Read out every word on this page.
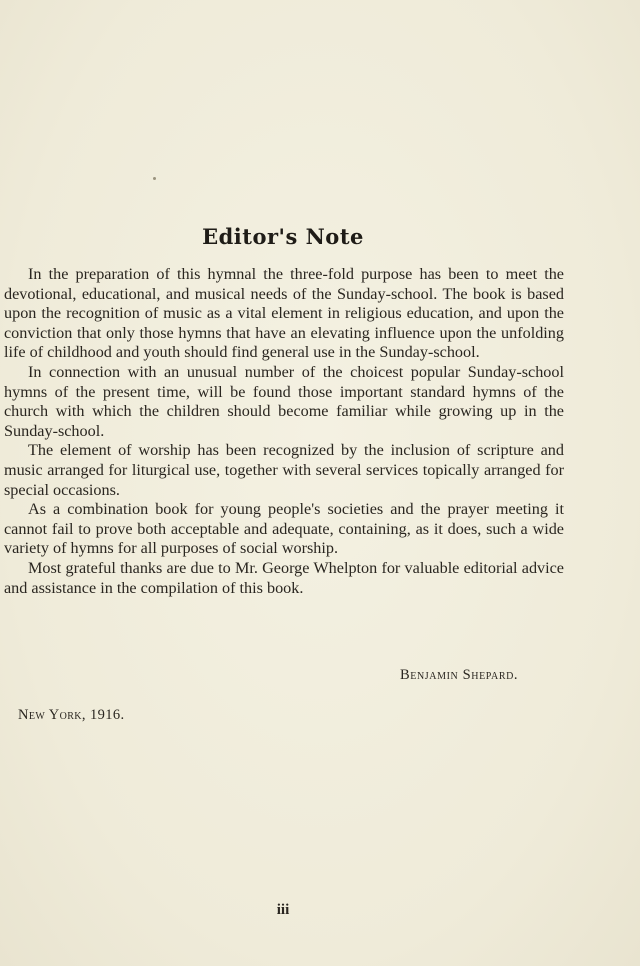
Editor's Note

In the preparation of this hymnal the three-fold purpose has been to meet the devotional, educational, and musical needs of the Sunday-school. The book is based upon the recognition of music as a vital element in religious education, and upon the conviction that only those hymns that have an elevating influence upon the unfolding life of childhood and youth should find general use in the Sunday-school.

In connection with an unusual number of the choicest popular Sunday-school hymns of the present time, will be found those important standard hymns of the church with which the children should become familiar while growing up in the Sunday-school.

The element of worship has been recognized by the inclusion of scripture and music arranged for liturgical use, together with several services topically arranged for special occasions.

As a combination book for young people's societies and the prayer meeting it cannot fail to prove both acceptable and adequate, containing, as it does, such a wide variety of hymns for all purposes of social worship.

Most grateful thanks are due to Mr. George Whelpton for valuable editorial advice and assistance in the compilation of this book.

Benjamin Shepard.
New York, 1916.
iii
